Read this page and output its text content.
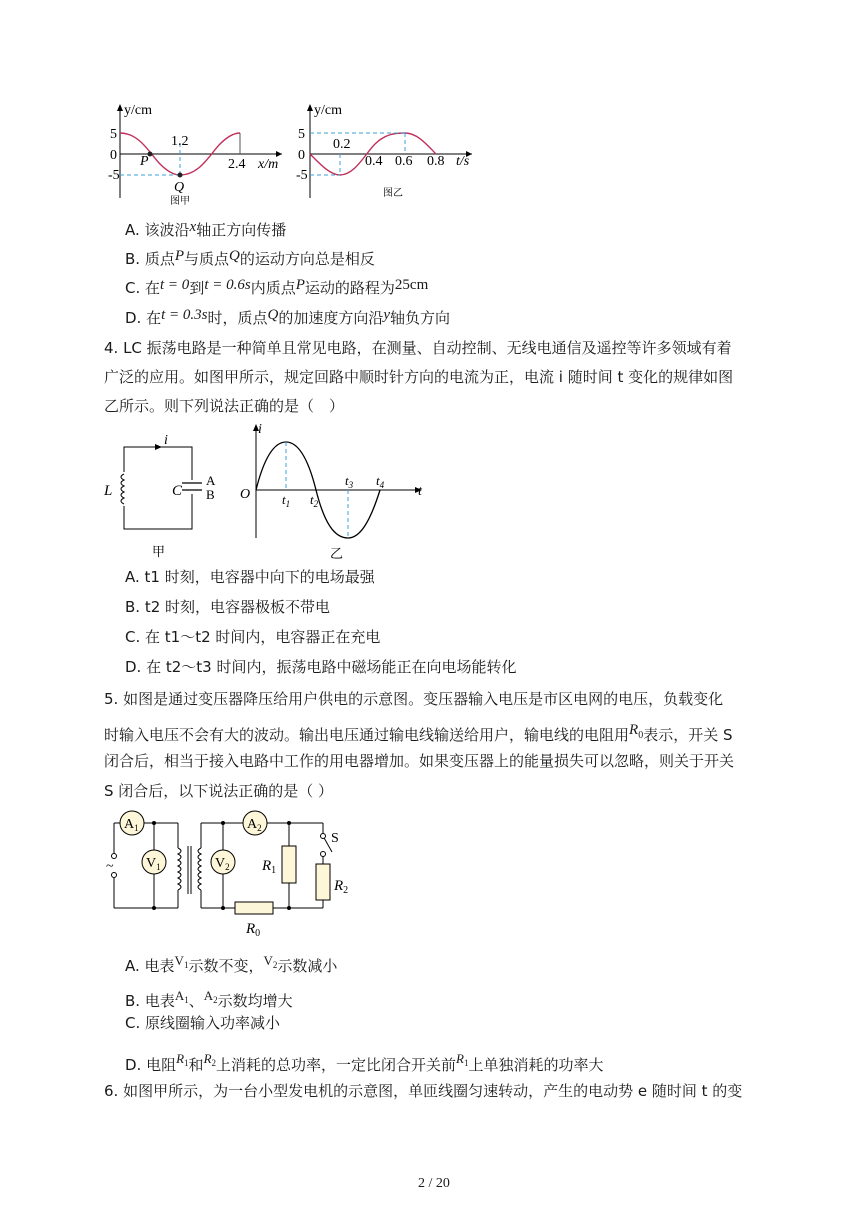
y/cm
5
0
-5
1.2
2.4 x/m
P
Q
图甲
y/cm
5
0
-5
0.2
0.4 0.6 0.8 t/s
图乙
A. 该波沿x轴正方向传播
B. 质点P与质点Q的运动方向总是相反
C. 在t = 0到t = 0.6s内质点P运动的路程为25cm
D. 在t = 0.3s时，质点Q的加速度方向沿y轴负方向
4. LC 振荡电路是一种简单且常见电路，在测量、自动控制、无线电通信及遥控等许多领域有着
广泛的应用。如图甲所示，规定回路中顺时针方向的电流为正，电流 i 随时间 t 变化的规律如图
乙所示。则下列说法正确的是（　）
i
L	C
A
B
甲
i
t
O $t_1$ $t_2$
$t_3$ $t_4$
乙
A. t1 时刻，电容器中向下的电场最强
B. t2 时刻，电容器极板不带电
C. 在 t1～t2 时间内，电容器正在充电
D. 在 t2～t3 时间内，振荡电路中磁场能正在向电场能转化
5. 如图是通过变压器降压给用户供电的示意图。变压器输入电压是市区电网的电压，负载变化
时输入电压不会有大的波动。输出电压通过输电线输送给用户，输电线的电阻用$R^0$表示，开关 S
闭合后，相当于接入电路中工作的用电器增加。如果变压器上的能量损失可以忽略，则关于开关
S 闭合后，以下说法正确的是（ ）
~
$A_1$
$V_1$	$V_2$
$A_2$
$R_1$
$R_2$
$R_0$
S
A. 电表$V^1$示数不变，$V^2$示数减小
B. 电表$A^1$、$A^2$示数均增大
C. 原线圈输入功率减小
D. 电阻$R^1$和$R^2$上消耗的总功率，一定比闭合开关前$R^1$上单独消耗的功率大
6. 如图甲所示，为一台小型发电机的示意图，单匝线圈匀速转动，产生的电动势 e 随时间 t 的变
2 / 20
